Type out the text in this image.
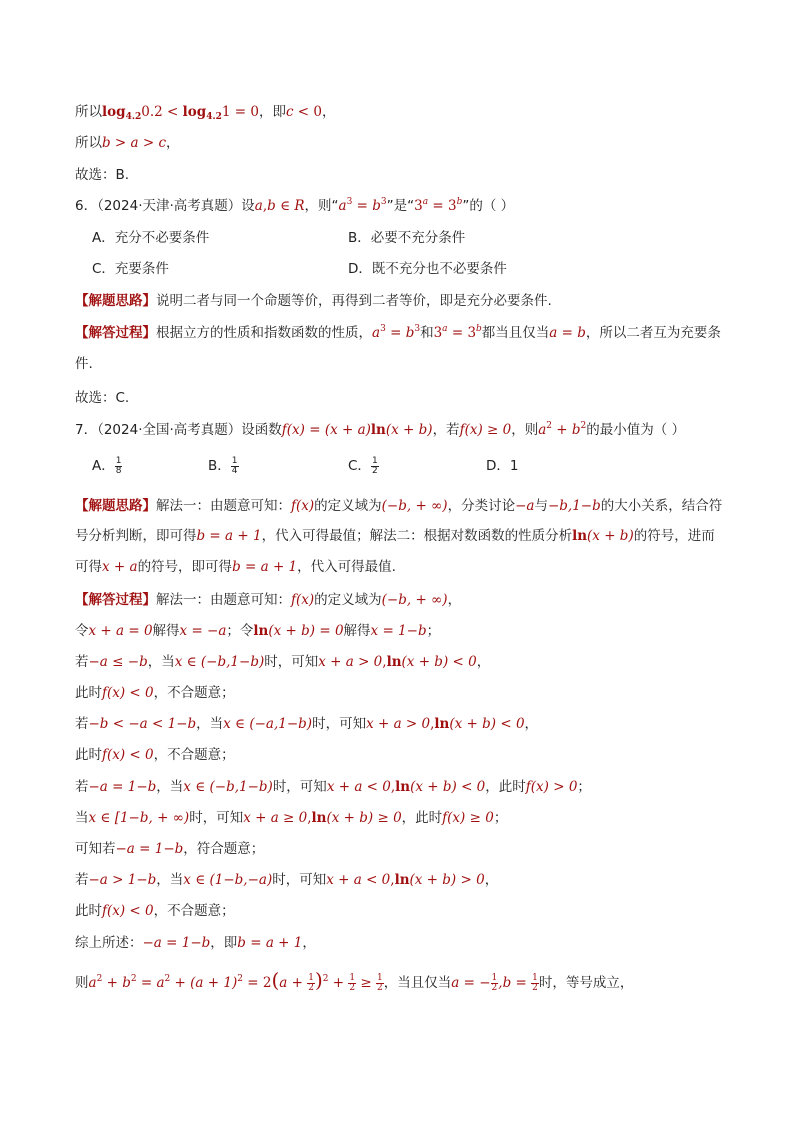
所以$\log_{4.2}0.2 < \log_{4.2}1 = 0$，即c < 0，
所以b > a > c，
故选：B.
6．（2024·天津·高考真题）设a,b ∈ R，则“$a^3 = b^3$”是“$3^a = 3^b$”的（ ）
A．充分不必要条件	B．必要不充分条件
C．充要条件	D．既不充分也不必要条件
【解题思路】说明二者与同一个命题等价，再得到二者等价，即是充分必要条件.
【解答过程】根据立方的性质和指数函数的性质，$a^3 = b^3$和$3^a = 3^b$都当且仅当a = b，所以二者互为充要条
件.
故选：C.
7．（2024·全国·高考真题）设函数f(x) = (x + a)ln(x + b)，若f(x) ≥ 0，则$a^2 + b^2$的最小值为（ ）
A． $\frac{1}{8}$	B． $\frac{1}{4}$	C． $\frac{1}{2}$	D．1
【解题思路】解法一：由题意可知：f(x)的定义域为(−b, + ∞)，分类讨论−a与−b,1−b的大小关系，结合符
号分析判断，即可得b = a + 1，代入可得最值；解法二：根据对数函数的性质分析ln(x + b)的符号，进而
可得x + a的符号，即可得b = a + 1，代入可得最值.
【解答过程】解法一：由题意可知：f(x)的定义域为(−b, + ∞)，
令x + a = 0解得x = −a；令ln(x + b) = 0解得x = 1−b；
若−a ≤ −b，当x ∈ (−b,1−b)时，可知x + a > 0,ln(x + b) < 0，
此时f(x) < 0，不合题意；
若−b < −a < 1−b，当x ∈ (−a,1−b)时，可知x + a > 0,ln(x + b) < 0，
此时f(x) < 0，不合题意；
若−a = 1−b，当x ∈ (−b,1−b)时，可知x + a < 0,ln(x + b) < 0，此时f(x) > 0；
当x ∈ [1−b, + ∞)时，可知x + a ≥ 0,ln(x + b) ≥ 0，此时f(x) ≥ 0；
可知若−a = 1−b，符合题意；
若−a > 1−b，当x ∈ (1−b,−a)时，可知x + a < 0,ln(x + b) > 0，
此时f(x) < 0，不合题意；
综上所述：−a = 1−b，即b = a + 1，
则$a^2 + b^2 = a^2 + (a + 1)^2 = 2(a + \frac{1}{2} )^2 + \frac{1}{2} \ge \frac{1}{2}$ ，当且仅当a = − $\frac{1}{2} ,b = \frac{1}{2}$ 时，等号成立，
